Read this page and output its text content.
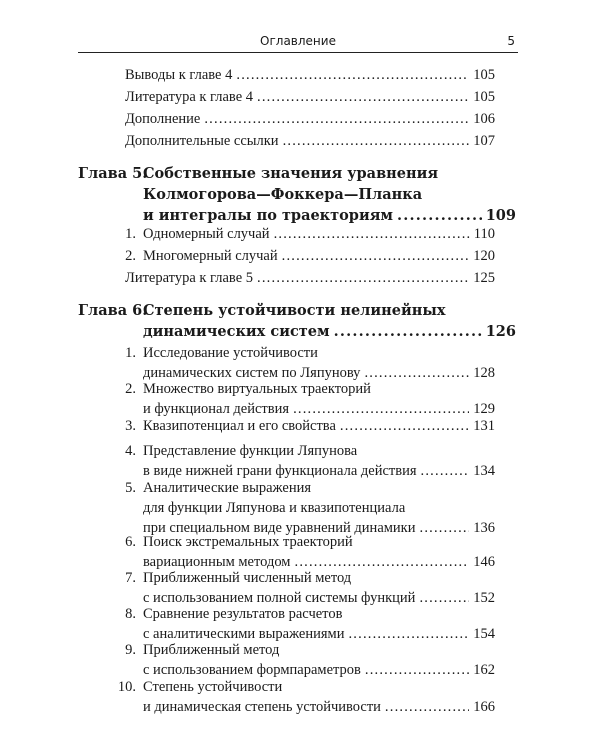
Оглавление	5
Выводы к главе 4 .....	105
Литература к главе 4 .....	105
Дополнение .....	106
Дополнительные ссылки .....	107
Глава 5.
Собственные значения уравнения
Колмогорова—Фоккера—Планка
и интегралы по траекториям .....	109
1. Одномерный случай .....	110
2. Многомерный случай .....	120
Литература к главе 5 .....	125
Глава 6.
Степень устойчивости нелинейных
динамических систем .....	126
1. Исследование устойчивости
динамических систем по Ляпунову .....	128
2. Множество виртуальных траекторий
и функционал действия .....	129
3. Квазипотенциал и его свойства .....	131
4. Представление функции Ляпунова
в виде нижней грани функционала действия .....	134
5. Аналитические выражения
для функции Ляпунова и квазипотенциала
при специальном виде уравнений динамики .....	136
6. Поиск экстремальных траекторий
вариационным методом .....	146
7. Приближенный численный метод
с использованием полной системы функций .....	152
8. Сравнение результатов расчетов
с аналитическими выражениями .....	154
9. Приближенный метод
с использованием формпараметров .....	162
10. Степень устойчивости
и динамическая степень устойчивости .....	166
